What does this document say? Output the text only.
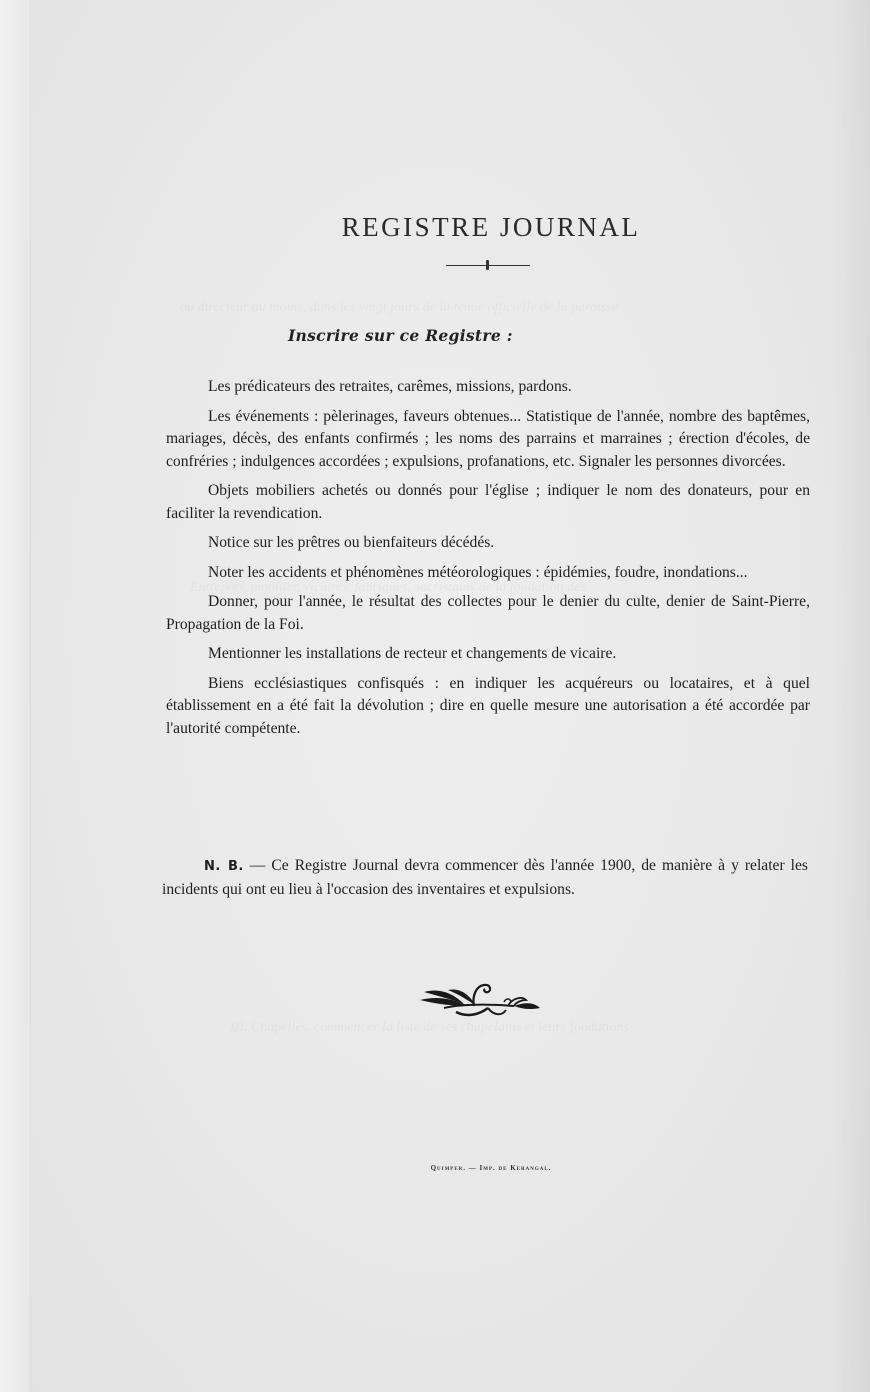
REGISTRE JOURNAL
Inscrire sur ce Registre :

Les prédicateurs des retraites, carêmes, missions, pardons.

Les événements : pèlerinages, faveurs obtenues... Statistique de l'année, nombre des baptêmes, mariages, décès, des enfants confirmés ; les noms des parrains et marraines ; érection d'écoles, de confréries ; indulgences accordées ; expulsions, profanations, etc. Signaler les personnes divorcées.

Objets mobiliers achetés ou donnés pour l'église ; indiquer le nom des donateurs, pour en faciliter la revendication.

Notice sur les prêtres ou bienfaiteurs décédés.

Noter les accidents et phénomènes météorologiques : épidémies, foudre, inondations...

Donner, pour l'année, le résultat des collectes pour le denier du culte, denier de Saint-Pierre, Propagation de la Foi.

Mentionner les installations de recteur et changements de vicaire.

Biens ecclésiastiques confisqués : en indiquer les acquéreurs ou locataires, et à quel établissement en a été fait la dévolution ; dire en quelle mesure une autorisation a été accordée par l'autorité compétente.

N. B. — Ce Registre Journal devra commencer dès l'année 1900, de manière à y relater les incidents qui ont eu lieu à l'occasion des inventaires et expulsions.
Quimper. — Imp. de Kerangal.
